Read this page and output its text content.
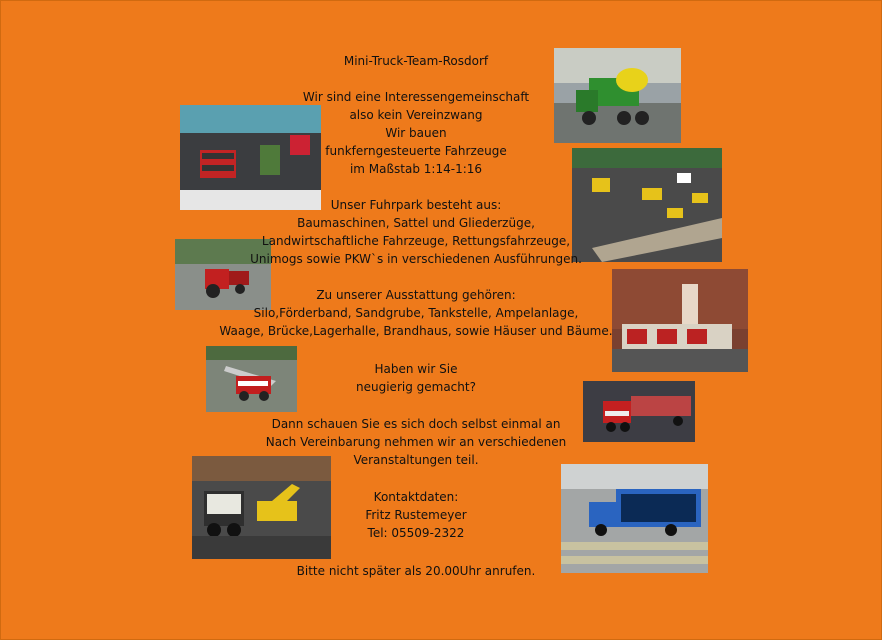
Mini-Truck-Team-Rosdorf
Wir sind eine Interessengemeinschaft
also kein Vereinzwang
Wir bauen
funkferngesteuerte Fahrzeuge
im Maßstab 1:14-1:16
Unser Fuhrpark besteht aus:
Baumaschinen, Sattel und Gliederzüge,
Landwirtschaftliche Fahrzeuge, Rettungsfahrzeuge,
Unimogs sowie PKW`s in verschiedenen Ausführungen.
Zu unserer Ausstattung gehören:
Silo,Förderband, Sandgrube, Tankstelle, Ampelanlage,
Waage, Brücke,Lagerhalle, Brandhaus, sowie Häuser und Bäume.
Haben wir Sie
neugierig gemacht?
Dann schauen Sie es sich doch selbst einmal an
Nach Vereinbarung nehmen wir an verschiedenen
Veranstaltungen teil.
Kontaktdaten:
Fritz Rustemeyer
Tel: 05509-2322
Bitte nicht später als 20.00Uhr anrufen.
